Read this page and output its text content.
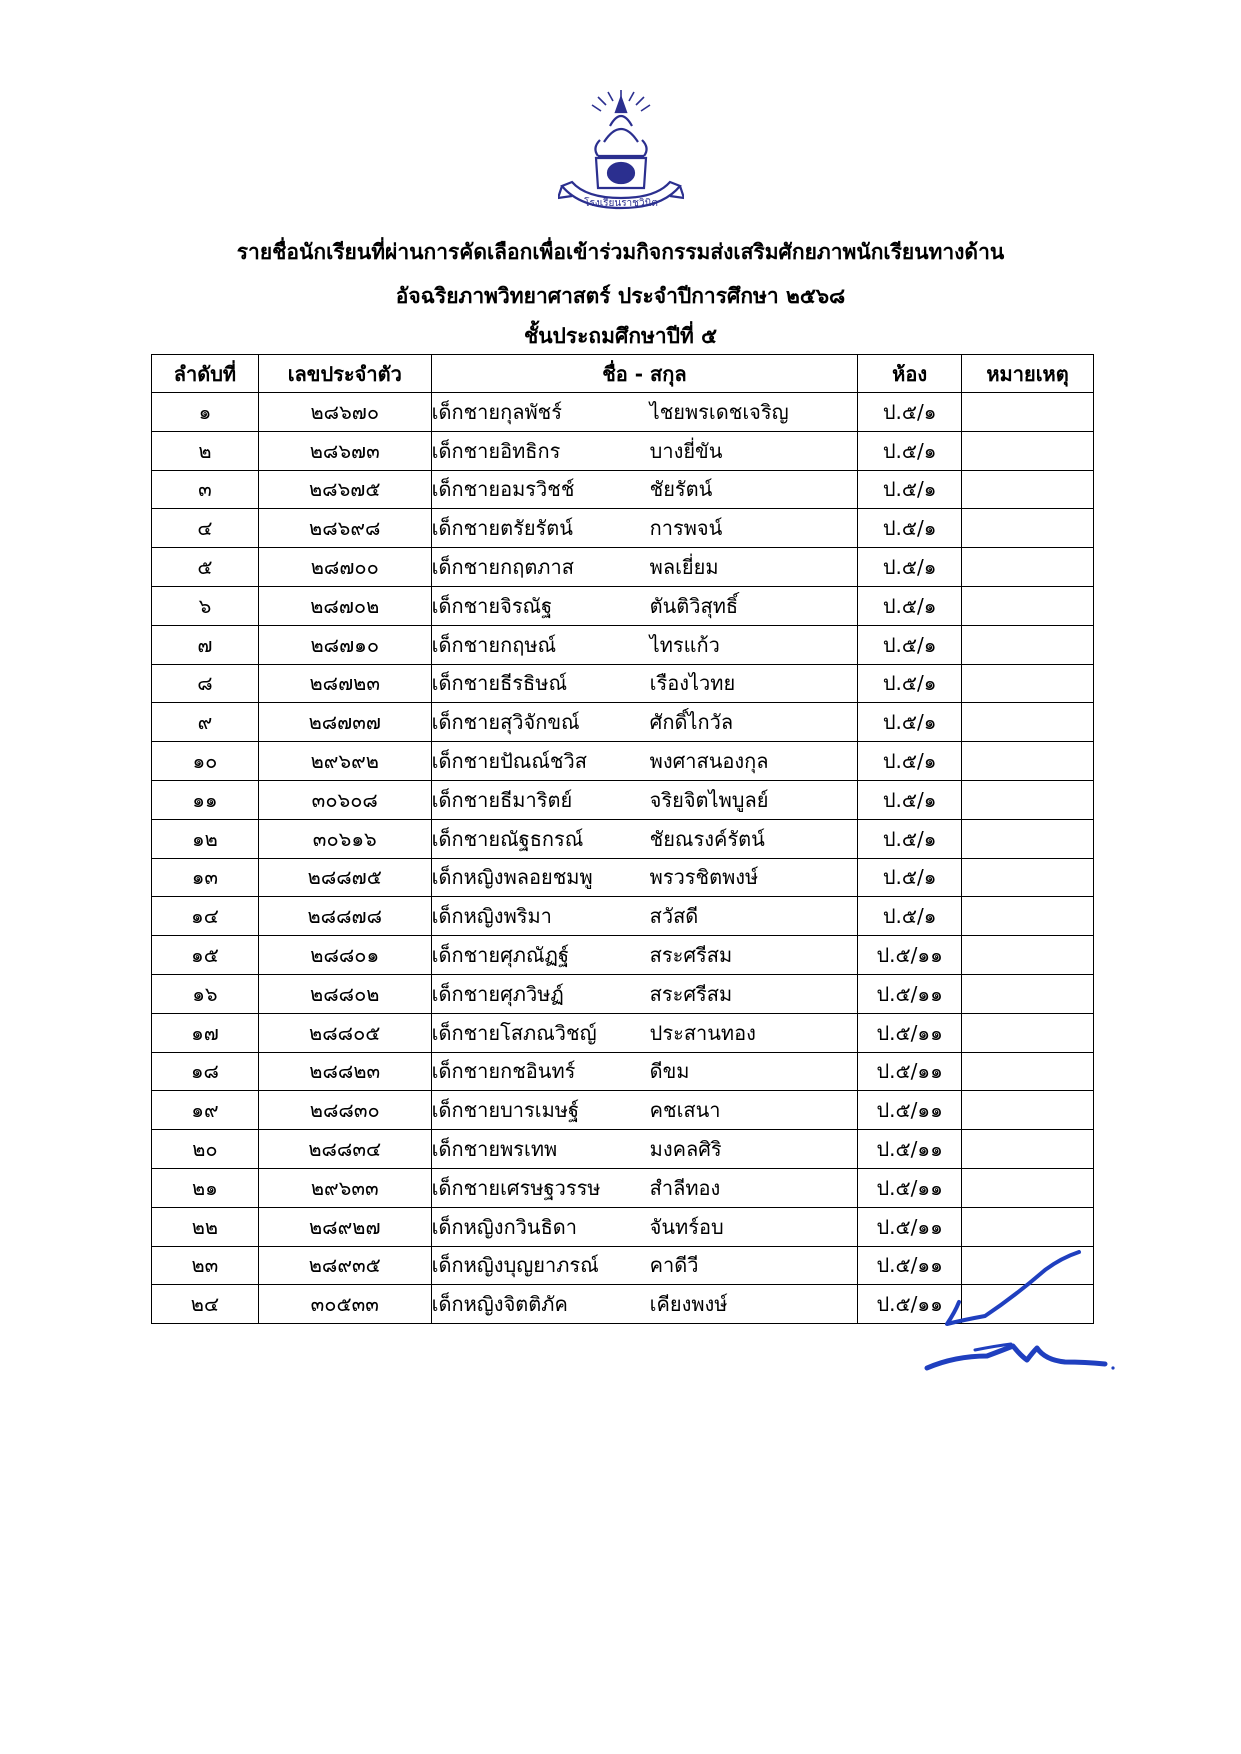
โรงเรียนราชวินิต
รายชื่อนักเรียนที่ผ่านการคัดเลือกเพื่อเข้าร่วมกิจกรรมส่งเสริมศักยภาพนักเรียนทางด้าน
อัจฉริยภาพวิทยาศาสตร์ ประจำปีการศึกษา ๒๕๖๘
ชั้นประถมศึกษาปีที่ ๕
ลำดับที่	เลขประจำตัว	ชื่อ - สกุล	ห้อง	หมายเหตุ
๑	๒๘๖๗๐	เด็กชายกุลพัชร์ ไชยพรเดชเจริญ	ป.๕/๑	
๒	๒๘๖๗๓	เด็กชายอิทธิกร บางยี่ขัน	ป.๕/๑	
๓	๒๘๖๗๕	เด็กชายอมรวิชช์ ชัยรัตน์	ป.๕/๑	
๔	๒๘๖๙๘	เด็กชายตรัยรัตน์ การพจน์	ป.๕/๑	
๕	๒๘๗๐๐	เด็กชายกฤตภาส พลเยี่ยม	ป.๕/๑	
๖	๒๘๗๐๒	เด็กชายจิรณัฐ ตันติวิสุทธิ์	ป.๕/๑	
๗	๒๘๗๑๐	เด็กชายกฤษณ์ ไทรแก้ว	ป.๕/๑	
๘	๒๘๗๒๓	เด็กชายธีรธิษณ์ เรืองไวทย	ป.๕/๑	
๙	๒๘๗๓๗	เด็กชายสุวิจักขณ์ ศักดิ์ไกวัล	ป.๕/๑	
๑๐	๒๙๖๙๒	เด็กชายปัณณ์ชวิส พงศาสนองกุล	ป.๕/๑	
๑๑	๓๐๖๐๘	เด็กชายธีมาริตย์ จริยจิตไพบูลย์	ป.๕/๑	
๑๒	๓๐๖๑๖	เด็กชายณัฐธกรณ์ ชัยณรงค์รัตน์	ป.๕/๑	
๑๓	๒๘๘๗๕	เด็กหญิงพลอยชมพู พรวรชิตพงษ์	ป.๕/๑	
๑๔	๒๘๘๗๘	เด็กหญิงพริมา สวัสดี	ป.๕/๑	
๑๕	๒๘๘๐๑	เด็กชายศุภณัฏฐ์ สระศรีสม	ป.๕/๑๑	
๑๖	๒๘๘๐๒	เด็กชายศุภวิษฏ์ สระศรีสม	ป.๕/๑๑	
๑๗	๒๘๘๐๕	เด็กชายโสภณวิชญ์ ประสานทอง	ป.๕/๑๑	
๑๘	๒๘๘๒๓	เด็กชายกชอินทร์ ดีขม	ป.๕/๑๑	
๑๙	๒๘๘๓๐	เด็กชายบารเมษฐ์ คชเสนา	ป.๕/๑๑	
๒๐	๒๘๘๓๔	เด็กชายพรเทพ มงคลศิริ	ป.๕/๑๑	
๒๑	๒๙๖๓๓	เด็กชายเศรษฐวรรษ สำลีทอง	ป.๕/๑๑	
๒๒	๒๘๙๒๗	เด็กหญิงกวินธิดา จันทร์อบ	ป.๕/๑๑	
๒๓	๒๘๙๓๕	เด็กหญิงบุญยาภรณ์ คาดีวี	ป.๕/๑๑	
๒๔	๓๐๕๓๓	เด็กหญิงจิตติภัค เคียงพงษ์	ป.๕/๑๑	
